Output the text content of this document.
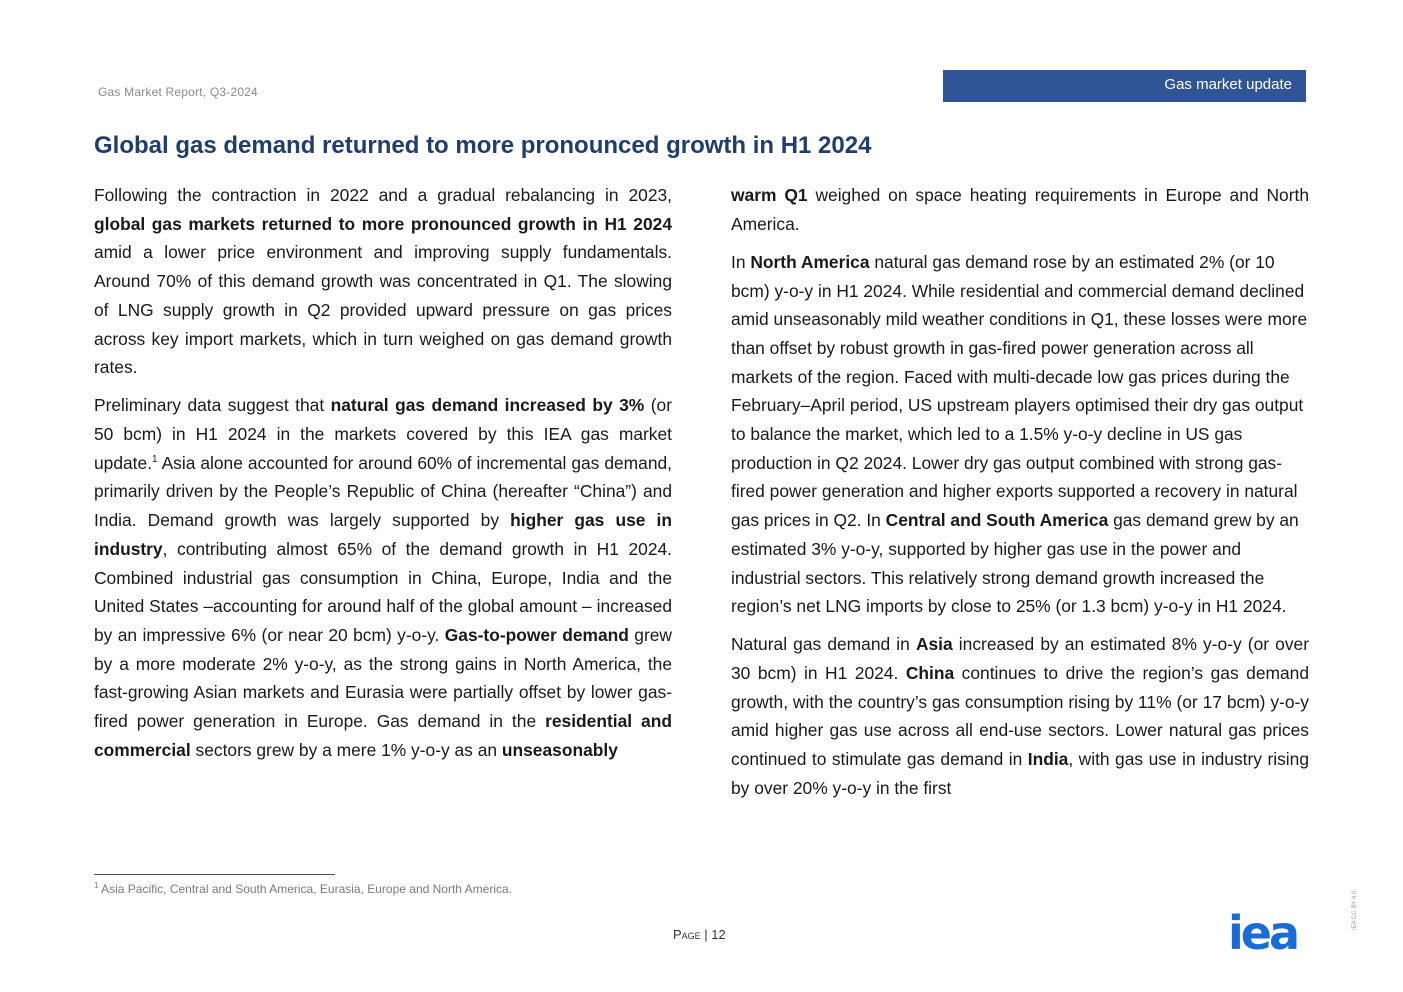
Gas Market Report, Q3-2024	Gas market update
Global gas demand returned to more pronounced growth in H1 2024

Following the contraction in 2022 and a gradual rebalancing in 2023, global gas markets returned to more pronounced growth in H1 2024 amid a lower price environment and improving supply fundamentals. Around 70% of this demand growth was concentrated in Q1. The slowing of LNG supply growth in Q2 provided upward pressure on gas prices across key import markets, which in turn weighed on gas demand growth rates.

Preliminary data suggest that natural gas demand increased by 3% (or 50 bcm) in H1 2024 in the markets covered by this IEA gas market update.$^1$ Asia alone accounted for around 60% of incremental gas demand, primarily driven by the People’s Republic of China (hereafter “China”) and India. Demand growth was largely supported by higher gas use in industry, contributing almost 65% of the demand growth in H1 2024. Combined industrial gas consumption in China, Europe, India and the United States –accounting for around half of the global amount – increased by an impressive 6% (or near 20 bcm) y-o-y. Gas-to-power demand grew by a more moderate 2% y-o-y, as the strong gains in North America, the fast-growing Asian markets and Eurasia were partially offset by lower gas-fired power generation in Europe. Gas demand in the residential and commercial sectors grew by a mere 1% y-o-y as an unseasonably

warm Q1 weighed on space heating requirements in Europe and North America.

In North America natural gas demand rose by an estimated 2% (or 10 bcm) y-o-y in H1 2024. While residential and commercial demand declined amid unseasonably mild weather conditions in Q1, these losses were more than offset by robust growth in gas-fired power generation across all markets of the region. Faced with multi-decade low gas prices during the February–April period, US upstream players optimised their dry gas output to balance the market, which led to a 1.5% y-o-y decline in US gas production in Q2 2024. Lower dry gas output combined with strong gas-fired power generation and higher exports supported a recovery in natural gas prices in Q2. In Central and South America gas demand grew by an estimated 3% y-o-y, supported by higher gas use in the power and industrial sectors. This relatively strong demand growth increased the region’s net LNG imports by close to 25% (or 1.3 bcm) y-o-y in H1 2024.

Natural gas demand in Asia increased by an estimated 8% y-o-y (or over 30 bcm) in H1 2024. China continues to drive the region’s gas demand growth, with the country’s gas consumption rising by 11% (or 17 bcm) y-o-y amid higher gas use across all end-use sectors. Lower natural gas prices continued to stimulate gas demand in India, with gas use in industry rising by over 20% y-o-y in the first

$^1$ Asia Pacific, Central and South America, Eurasia, Europe and North America.
Page | 12	iea	IEA CC BY 4.0.
